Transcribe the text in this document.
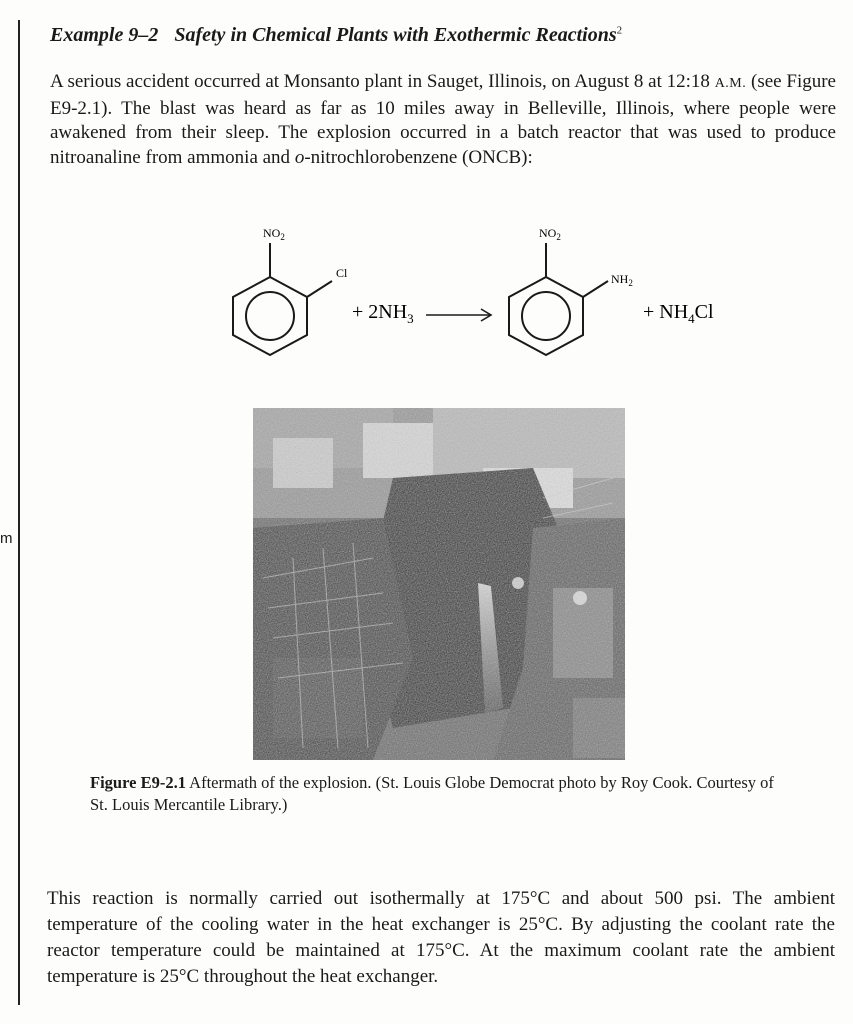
m
Example 9–2 Safety in Chemical Plants with Exothermic Reactions$^2$

A serious accident occurred at Monsanto plant in Sauget, Illinois, on August 8 at 12:18 A.M. (see Figure E9-2.1). The blast was heard as far as 10 miles away in Belleville, Illinois, where people were awakened from their sleep. The explosion occurred in a batch reactor that was used to produce nitroanaline from ammonia and o-nitrochlorobenzene (ONCB):

$NO_2$
Cl
+ $2NH_3$
$NO_2$
$NH_2$
+ $NH_4Cl$

Figure E9-2.1 Aftermath of the explosion. (St. Louis Globe Democrat photo by Roy Cook. Courtesy of St. Louis Mercantile Library.)

This reaction is normally carried out isothermally at 175°C and about 500 psi. The ambient temperature of the cooling water in the heat exchanger is 25°C. By adjusting the coolant rate the reactor temperature could be maintained at 175°C. At the maximum coolant rate the ambient temperature is 25°C throughout the heat exchanger.
